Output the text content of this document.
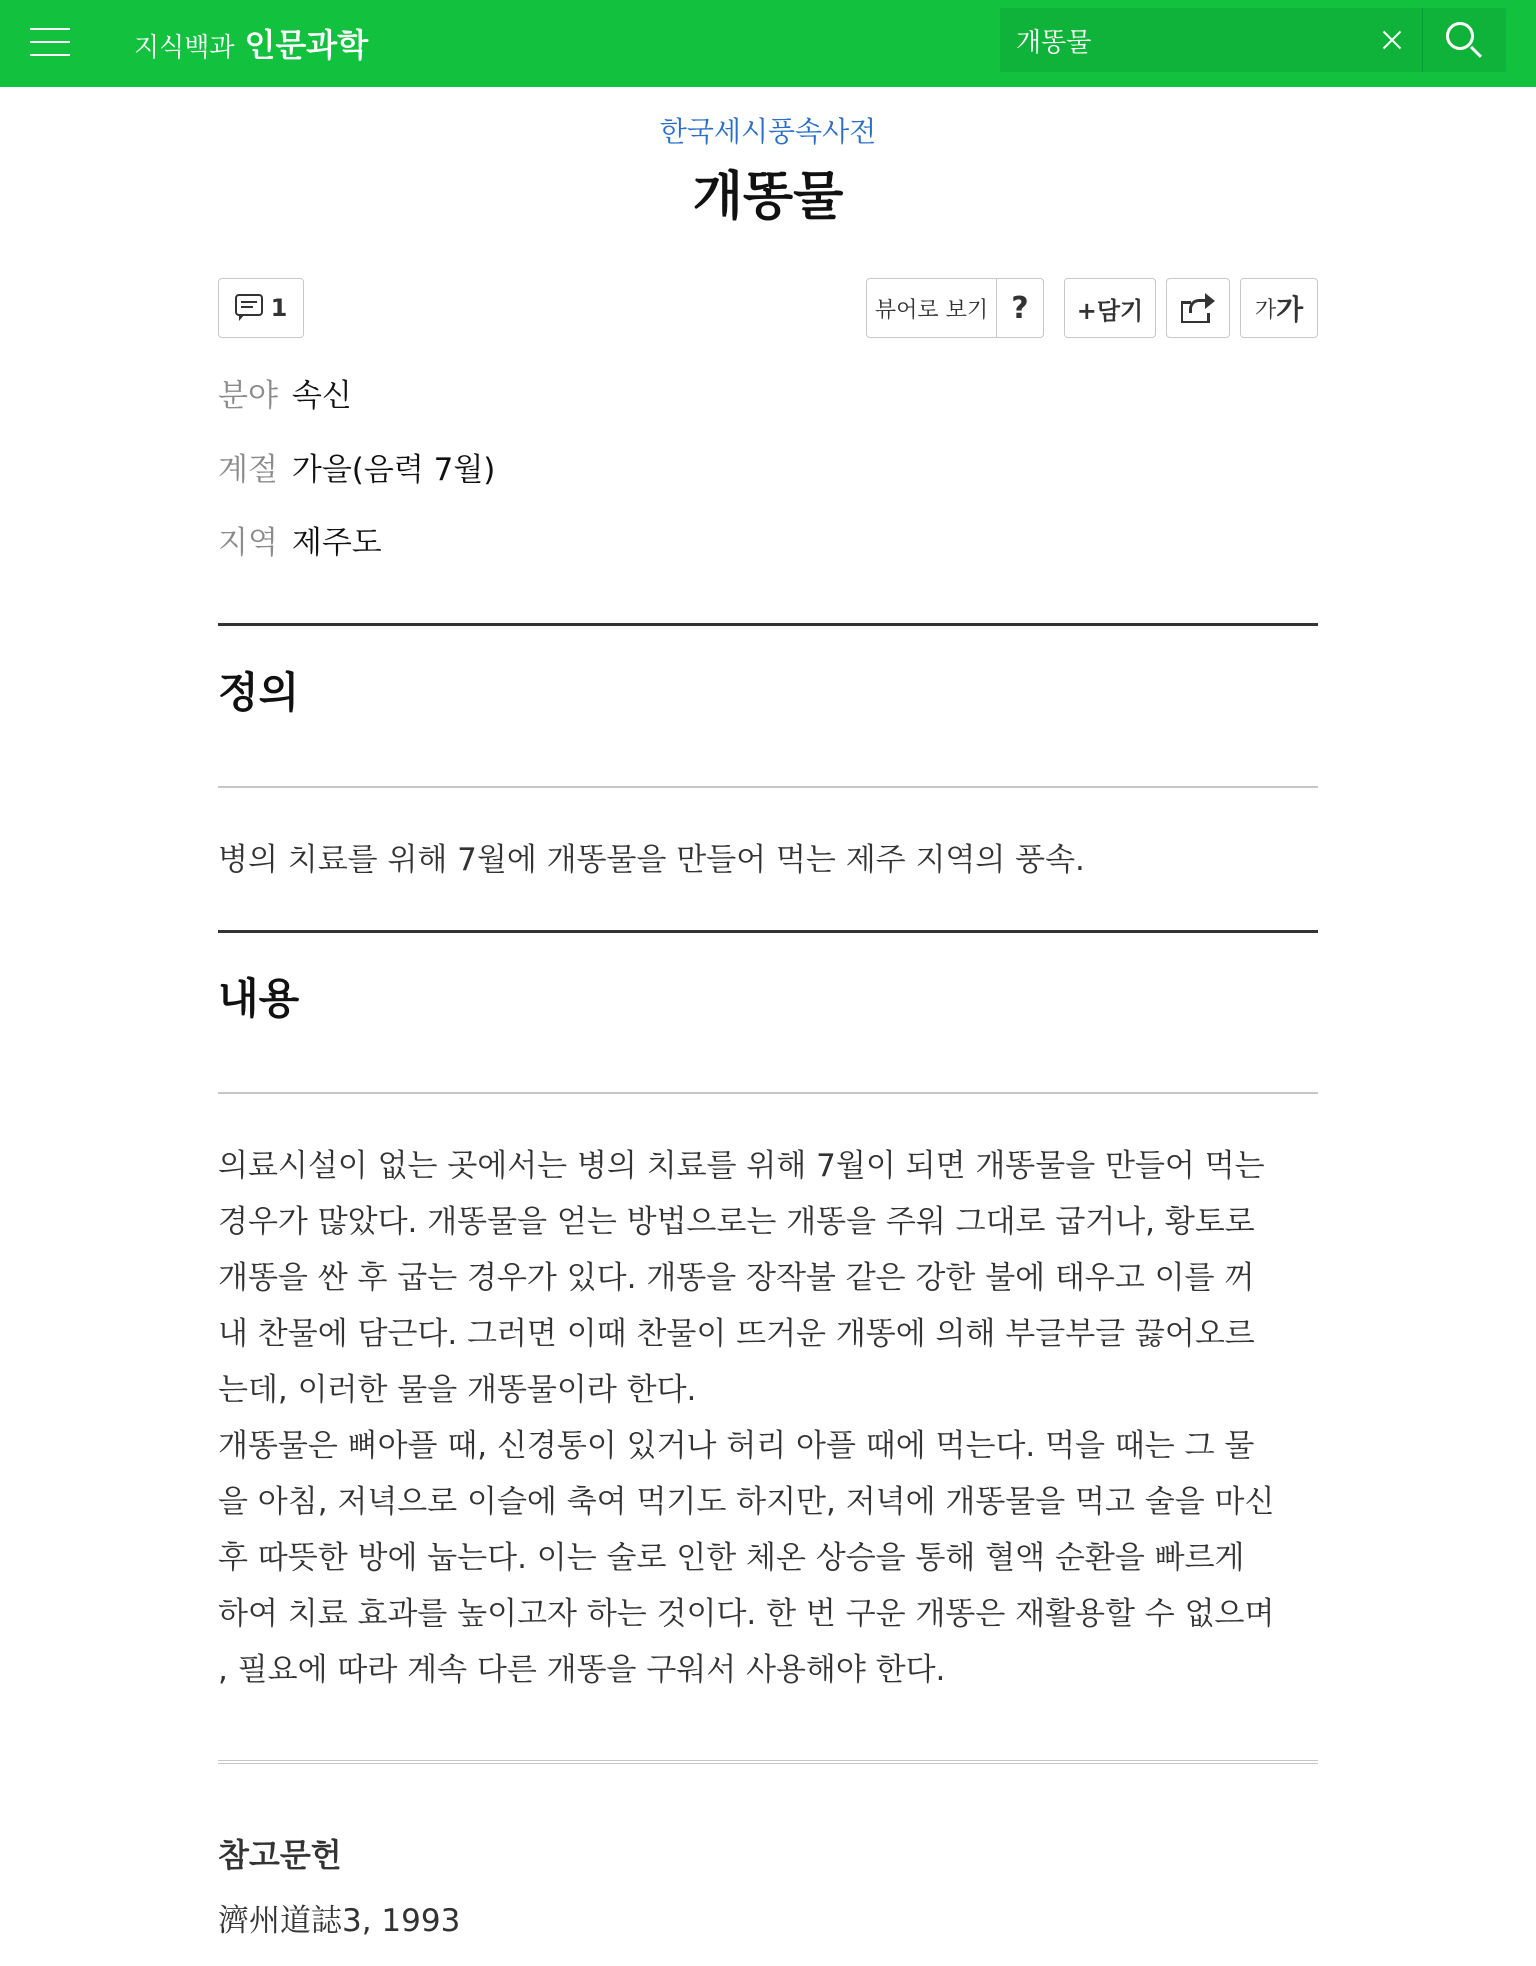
지식백과 인문과학
개똥물
한국세시풍속사전
개똥물
1	뷰어로 보기 ?	+담기	가 가
분야 속신
계절 가을(음력 7월)
지역 제주도
정의
병의 치료를 위해 7월에 개똥물을 만들어 먹는 제주 지역의 풍속.
내용
의료시설이 없는 곳에서는 병의 치료를 위해 7월이 되면 개똥물을 만들어 먹는
경우가 많았다. 개똥물을 얻는 방법으로는 개똥을 주워 그대로 굽거나, 황토로
개똥을 싼 후 굽는 경우가 있다. 개똥을 장작불 같은 강한 불에 태우고 이를 꺼
내 찬물에 담근다. 그러면 이때 찬물이 뜨거운 개똥에 의해 부글부글 끓어오르
는데, 이러한 물을 개똥물이라 한다.
개똥물은 뼈아플 때, 신경통이 있거나 허리 아플 때에 먹는다. 먹을 때는 그 물
을 아침, 저녁으로 이슬에 축여 먹기도 하지만, 저녁에 개똥물을 먹고 술을 마신
후 따뜻한 방에 눕는다. 이는 술로 인한 체온 상승을 통해 혈액 순환을 빠르게
하여 치료 효과를 높이고자 하는 것이다. 한 번 구운 개똥은 재활용할 수 없으며
, 필요에 따라 계속 다른 개똥을 구워서 사용해야 한다.
참고문헌
濟州道誌3, 1993
